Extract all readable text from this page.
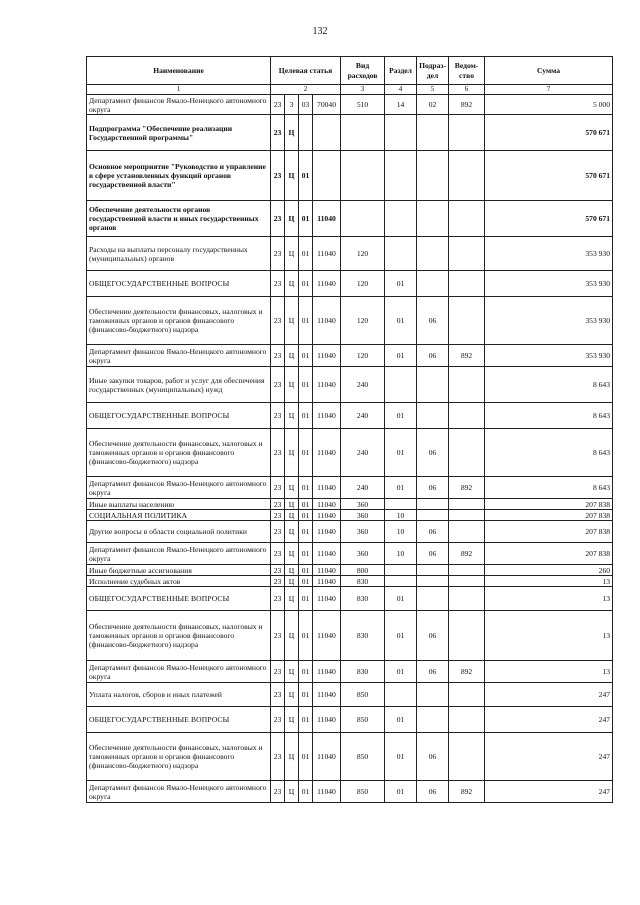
132
Наименование	Целевая статья				Вид расходов	Раздел	Подраз-дел	Ведом-ство	Сумма
1	2				3	4	5	6	7
Департамент финансов Ямало-Ненецкого автономного округа	23	3	03	70040	510	14	02	892	5 000
Подпрограмма "Обеспечение реализации Государственной программы"	23	Ц							570 671
Основное мероприятие "Руководство и управление в сфере установленных функций органов государственной власти"	23	Ц	01						570 671
Обеспечение деятельности органов государственной власти и иных государственных органов	23	Ц	01	11040					570 671
Расходы на выплаты персоналу государственных (муниципальных) органов	23	Ц	01	11040	120				353 930
ОБЩЕГОСУДАРСТВЕННЫЕ ВОПРОСЫ	23	Ц	01	11040	120	01			353 930
Обеспечение деятельности финансовых, налоговых и таможенных органов и органов финансового (финансово-бюджетного) надзора	23	Ц	01	11040	120	01	06		353 930
Департамент финансов Ямало-Ненецкого автономного округа	23	Ц	01	11040	120	01	06	892	353 930
Иные закупки товаров, работ и услуг для обеспечения государственных (муниципальных) нужд	23	Ц	01	11040	240				8 643
ОБЩЕГОСУДАРСТВЕННЫЕ ВОПРОСЫ	23	Ц	01	11040	240	01			8 643
Обеспечение деятельности финансовых, налоговых и таможенных органов и органов финансового (финансово-бюджетного) надзора	23	Ц	01	11040	240	01	06		8 643
Департамент финансов Ямало-Ненецкого автономного округа	23	Ц	01	11040	240	01	06	892	8 643
Иные выплаты населению	23	Ц	01	11040	360				207 838
СОЦИАЛЬНАЯ ПОЛИТИКА	23	Ц	01	11040	360	10			207 838
Другие вопросы в области социальной политики	23	Ц	01	11040	360	10	06		207 838
Департамент финансов Ямало-Ненецкого автономного округа	23	Ц	01	11040	360	10	06	892	207 838
Иные бюджетные ассигнования	23	Ц	01	11040	800				260
Исполнение судебных актов	23	Ц	01	11040	830				13
ОБЩЕГОСУДАРСТВЕННЫЕ ВОПРОСЫ	23	Ц	01	11040	830	01			13
Обеспечение деятельности финансовых, налоговых и таможенных органов и органов финансового (финансово-бюджетного) надзора	23	Ц	01	11040	830	01	06		13
Департамент финансов Ямало-Ненецкого автономного округа	23	Ц	01	11040	830	01	06	892	13
Уплата налогов, сборов и иных платежей	23	Ц	01	11040	850				247
ОБЩЕГОСУДАРСТВЕННЫЕ ВОПРОСЫ	23	Ц	01	11040	850	01			247
Обеспечение деятельности финансовых, налоговых и таможенных органов и органов финансового (финансово-бюджетного) надзора	23	Ц	01	11040	850	01	06		247
Департамент финансов Ямало-Ненецкого автономного округа	23	Ц	01	11040	850	01	06	892	247
